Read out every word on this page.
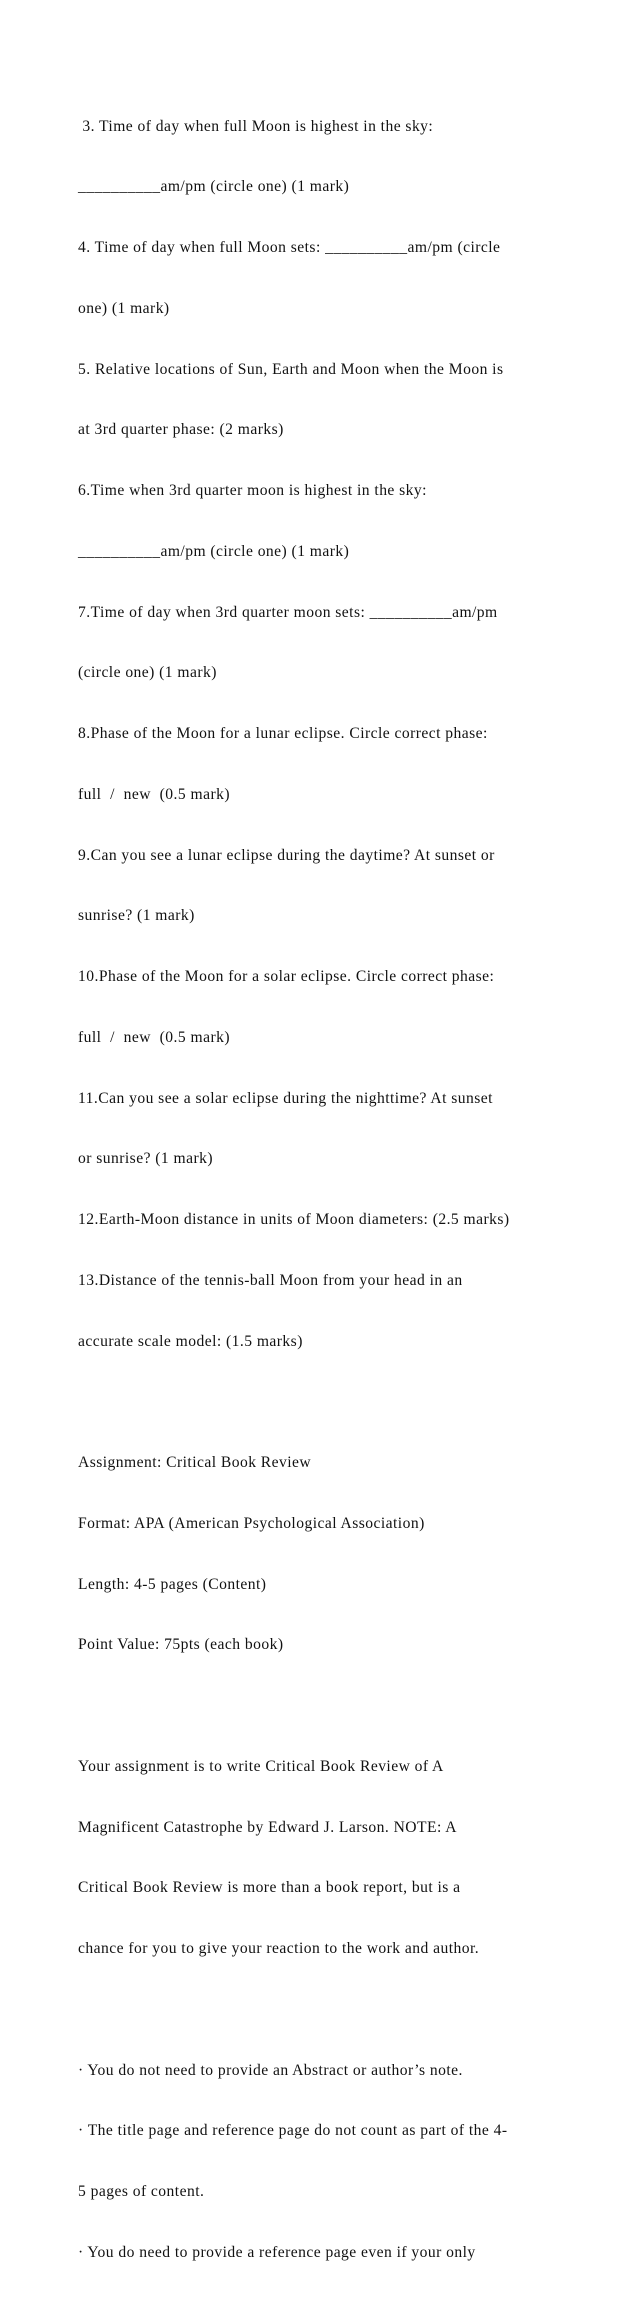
3. Time of day when full Moon is highest in the sky:

__________am/pm (circle one) (1 mark)

4. Time of day when full Moon sets: __________am/pm (circle

one) (1 mark)

5. Relative locations of Sun, Earth and Moon when the Moon is

at 3rd quarter phase: (2 marks)

6.Time when 3rd quarter moon is highest in the sky:

__________am/pm (circle one) (1 mark)

7.Time of day when 3rd quarter moon sets: __________am/pm

(circle one) (1 mark)

8.Phase of the Moon for a lunar eclipse. Circle correct phase:

full  /  new  (0.5 mark)

9.Can you see a lunar eclipse during the daytime? At sunset or

sunrise? (1 mark)

10.Phase of the Moon for a solar eclipse. Circle correct phase:

full  /  new  (0.5 mark)

11.Can you see a solar eclipse during the nighttime? At sunset

or sunrise? (1 mark)

12.Earth-Moon distance in units of Moon diameters: (2.5 marks)

13.Distance of the tennis-ball Moon from your head in an

accurate scale model: (1.5 marks)

Assignment: Critical Book Review

Format: APA (American Psychological Association)

Length: 4-5 pages (Content)

Point Value: 75pts (each book)

Your assignment is to write Critical Book Review of A

Magnificent Catastrophe by Edward J. Larson. NOTE: A

Critical Book Review is more than a book report, but is a

chance for you to give your reaction to the work and author.

· You do not need to provide an Abstract or author’s note.

· The title page and reference page do not count as part of the 4-

5 pages of content.

· You do need to provide a reference page even if your only
